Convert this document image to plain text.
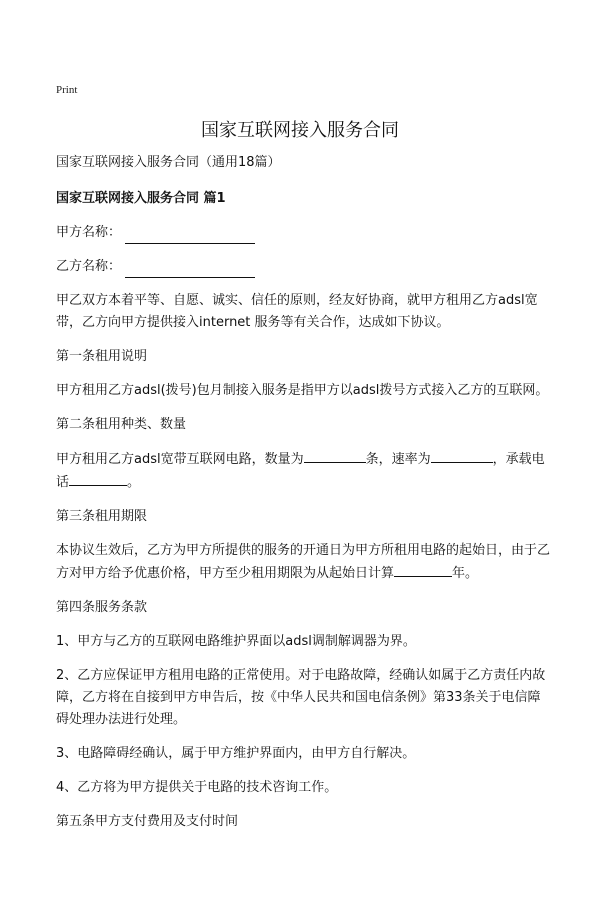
Print
国家互联网接入服务合同

国家互联网接入服务合同（通用18篇）

国家互联网接入服务合同 篇1

甲方名称：

乙方名称：

甲乙双方本着平等、自愿、诚实、信任的原则，经友好协商，就甲方租用乙方adsl宽带，乙方向甲方提供接入internet 服务等有关合作，达成如下协议。

第一条租用说明

甲方租用乙方adsl(拨号)包月制接入服务是指甲方以adsl拨号方式接入乙方的互联网。

第二条租用种类、数量

甲方租用乙方adsl宽带互联网电路，数量为	条，速率为	，承载电话	。

第三条租用期限

本协议生效后，乙方为甲方所提供的服务的开通日为甲方所租用电路的起始日，由于乙方对甲方给予优惠价格，甲方至少租用期限为从起始日计算	年。

第四条服务条款

1、甲方与乙方的互联网电路维护界面以adsl调制解调器为界。

2、乙方应保证甲方租用电路的正常使用。对于电路故障，经确认如属于乙方责任内故障，乙方将在自接到甲方申告后，按《中华人民共和国电信条例》第33条关于电信障碍处理办法进行处理。

3、电路障碍经确认，属于甲方维护界面内，由甲方自行解决。

4、乙方将为甲方提供关于电路的技术咨询工作。

第五条甲方支付费用及支付时间
